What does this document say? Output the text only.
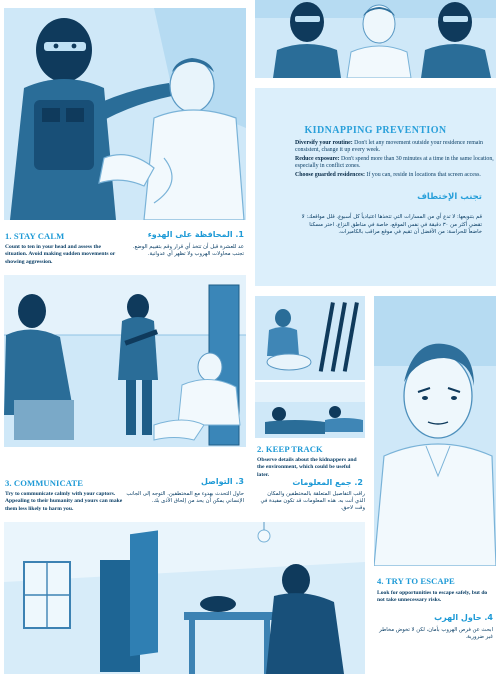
KIDNAPPING PREVENTION

Diversify your routine: Don't let any movement outside your residence remain consistent, change it up every week.

Reduce exposure: Don't spend more than 30 minutes at a time in the same location, especially in conflict zones.

Choose guarded residences: If you can, reside in locations that screen access.

تجنب الإختطاف

قم بتنويعها: لا تدع أي من المسارات التي تتخذها اعتيادياً كل أسبوع. قلل مواقعك: لا تقضي أكثر من ٣٠ دقيقة في نفس الموقع، خاصة في مناطق النزاع. اختر مسكنا خاضعاً للحراسة: من الأفضل أن تقيم في موقع مراقب بالكاميرات.

1. STAY CALM	1. المحافظة على الهدوء

Count to ten in your head and assess the situation. Avoid making sudden movements or showing aggression.

عد للعشرة قبل أن تتخذ أي قرار وقم بتقييم الوضع. تجنب محاولات الهروب ولا تظهر أي عدوانية.

3. COMMUNICATE	3. التواصل

Try to communicate calmly with your captors. Appealing to their humanity and yours can make them less likely to harm you.

حاول التحدث بهدوء مع المختطفين. التوجه إلى الجانب الإنساني يمكن أن يحد من إلحاق الأذى بك.

2. KEEP TRACK

Observe details about the kidnappers and the environment, which could be useful later.

2. جمع المعلومات

راقب التفاصيل المتعلقة بالمختطفين والمكان الذي أنت به. هذه المعلومات قد تكون مفيدة في وقت لاحق.

4. TRY TO ESCAPE

Look for opportunities to escape safely, but do not take unnecessary risks.

4. حاول الهرب

ابحث عن فرص الهروب بأمان، لكن لا تخوض مخاطر غير ضرورية.
